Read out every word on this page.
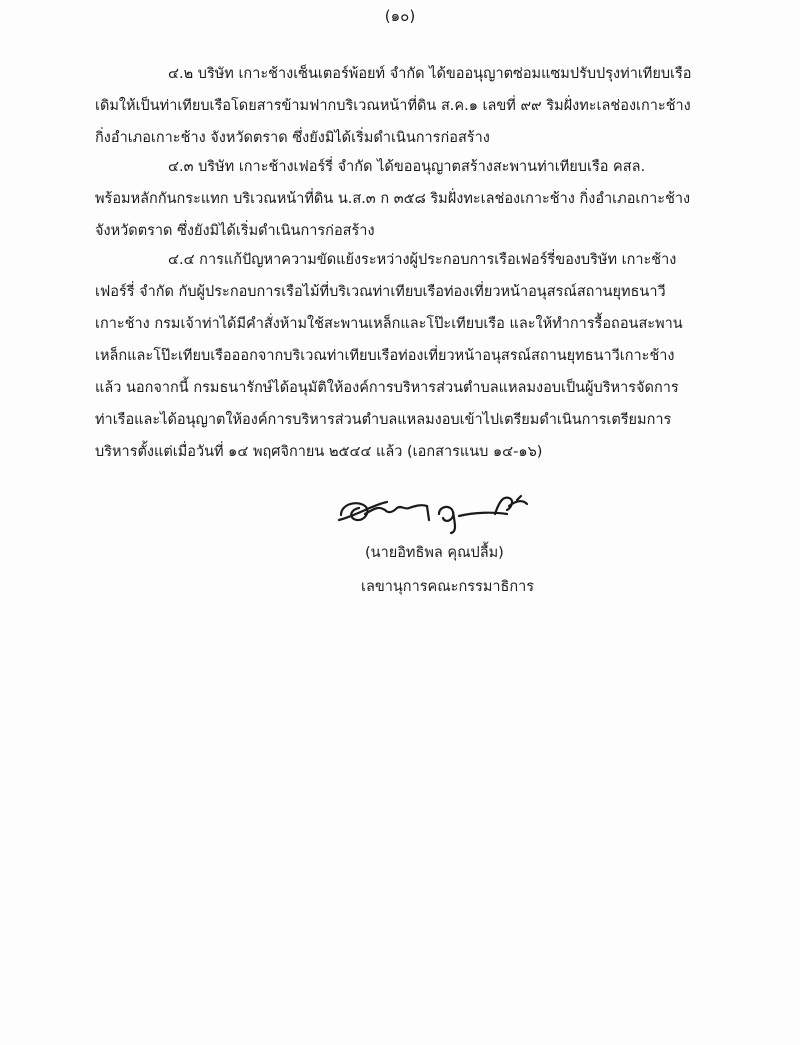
(๑๐)
๔.๒ บริษัท เกาะช้างเซ็นเตอร์พ้อยท์ จำกัด ได้ขออนุญาตซ่อมแซมปรับปรุงท่าเทียบเรือ
เดิมให้เป็นท่าเทียบเรือโดยสารข้ามฟากบริเวณหน้าที่ดิน ส.ค.๑ เลขที่ ๙๙ ริมฝั่งทะเลช่องเกาะช้าง
กิ่งอำเภอเกาะช้าง จังหวัดตราด ซึ่งยังมิได้เริ่มดำเนินการก่อสร้าง
๔.๓ บริษัท เกาะช้างเฟอร์รี่ จำกัด ได้ขออนุญาตสร้างสะพานท่าเทียบเรือ คสล.
พร้อมหลักกันกระแทก บริเวณหน้าที่ดิน น.ส.๓ ก ๓๕๘ ริมฝั่งทะเลช่องเกาะช้าง กิ่งอำเภอเกาะช้าง
จังหวัดตราด ซึ่งยังมิได้เริ่มดำเนินการก่อสร้าง
๔.๔ การแก้ปัญหาความขัดแย้งระหว่างผู้ประกอบการเรือเฟอร์รี่ของบริษัท เกาะช้าง
เฟอร์รี่ จำกัด กับผู้ประกอบการเรือไม้ที่บริเวณท่าเทียบเรือท่องเที่ยวหน้าอนุสรณ์สถานยุทธนาวี
เกาะช้าง กรมเจ้าท่าได้มีคำสั่งห้ามใช้สะพานเหล็กและโป๊ะเทียบเรือ และให้ทำการรื้อถอนสะพาน
เหล็กและโป๊ะเทียบเรือออกจากบริเวณท่าเทียบเรือท่องเที่ยวหน้าอนุสรณ์สถานยุทธนาวีเกาะช้าง
แล้ว นอกจากนี้ กรมธนารักษ์ได้อนุมัติให้องค์การบริหารส่วนตำบลแหลมงอบเป็นผู้บริหารจัดการ
ท่าเรือและได้อนุญาตให้องค์การบริหารส่วนตำบลแหลมงอบเข้าไปเตรียมดำเนินการเตรียมการ
บริหารตั้งแต่เมื่อวันที่ ๑๔ พฤศจิกายน ๒๕๔๔ แล้ว (เอกสารแนบ ๑๔-๑๖)
(นายอิทธิพล คุณปลื้ม)
เลขานุการคณะกรรมาธิการ
